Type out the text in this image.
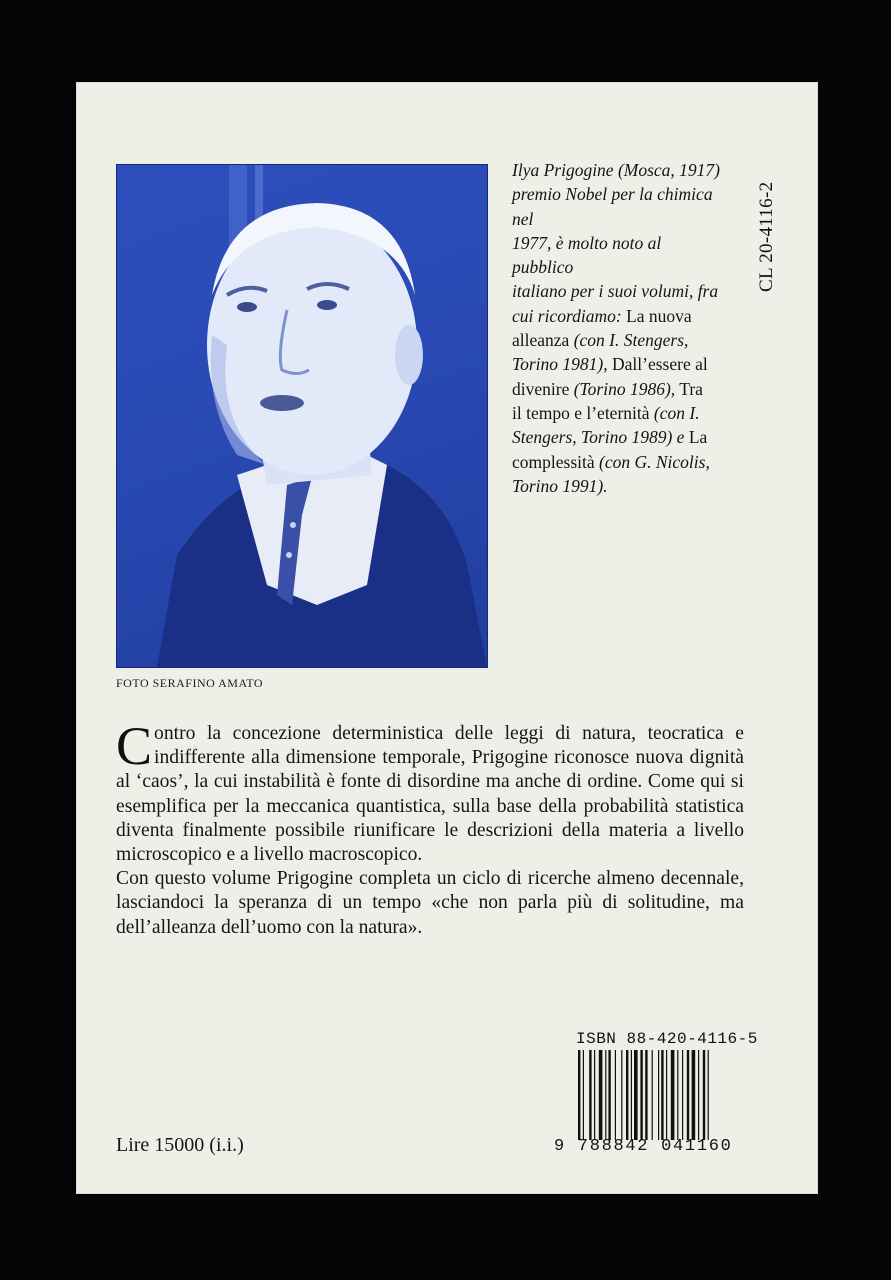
FOTO SERAFINO AMATO
Ilya Prigogine (Mosca, 1917)
premio Nobel per la chimica nel
1977, è molto noto al pubblico
italiano per i suoi volumi, fra
cui ricordiamo: La nuova
alleanza (con I. Stengers,
Torino 1981), Dall’essere al
divenire (Torino 1986), Tra
il tempo e l’eternità (con I.
Stengers, Torino 1989) e La
complessità (con G. Nicolis,
Torino 1991).
CL 20-4116-2

Contro la concezione deterministica delle leggi di natura, teocratica e indifferente alla dimensione temporale, Prigogine riconosce nuova dignità al ‘caos’, la cui instabilità è fonte di disordine ma anche di ordine. Come qui si esemplifica per la meccanica quantistica, sulla base della probabilità statistica diventa finalmente possibile riunificare le descrizioni della materia a livello microscopico e a livello macroscopico.

Con questo volume Prigogine completa un ciclo di ricerche almeno decennale, lasciandoci la speranza di un tempo «che non parla più di solitudine, ma dell’alleanza dell’uomo con la natura».

ISBN 88-420-4116-5
9 788842 041160
Lire 15000 (i.i.)
